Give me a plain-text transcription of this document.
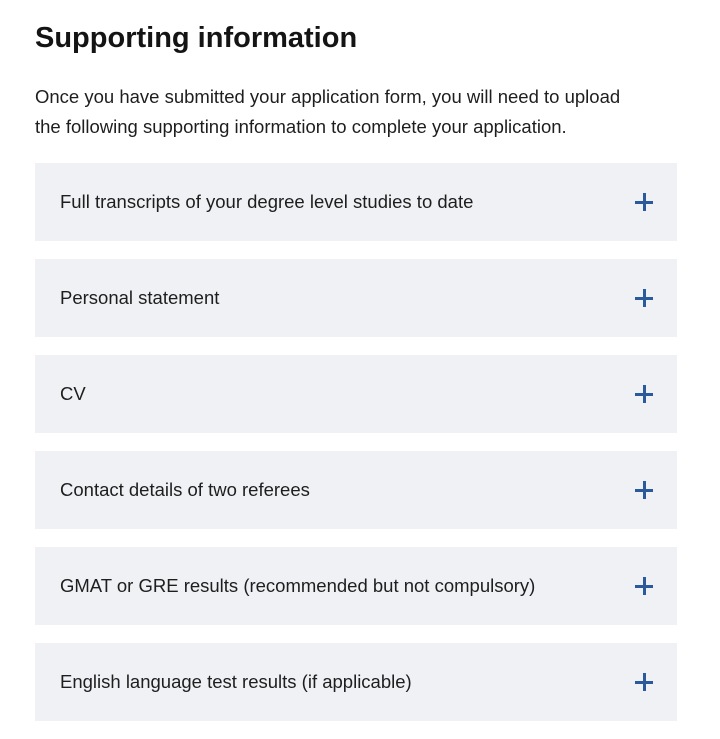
Supporting information

Once you have submitted your application form, you will need to upload
the following supporting information to complete your application.

Full transcripts of your degree level studies to date
Personal statement
CV
Contact details of two referees
GMAT or GRE results (recommended but not compulsory)
English language test results (if applicable)
